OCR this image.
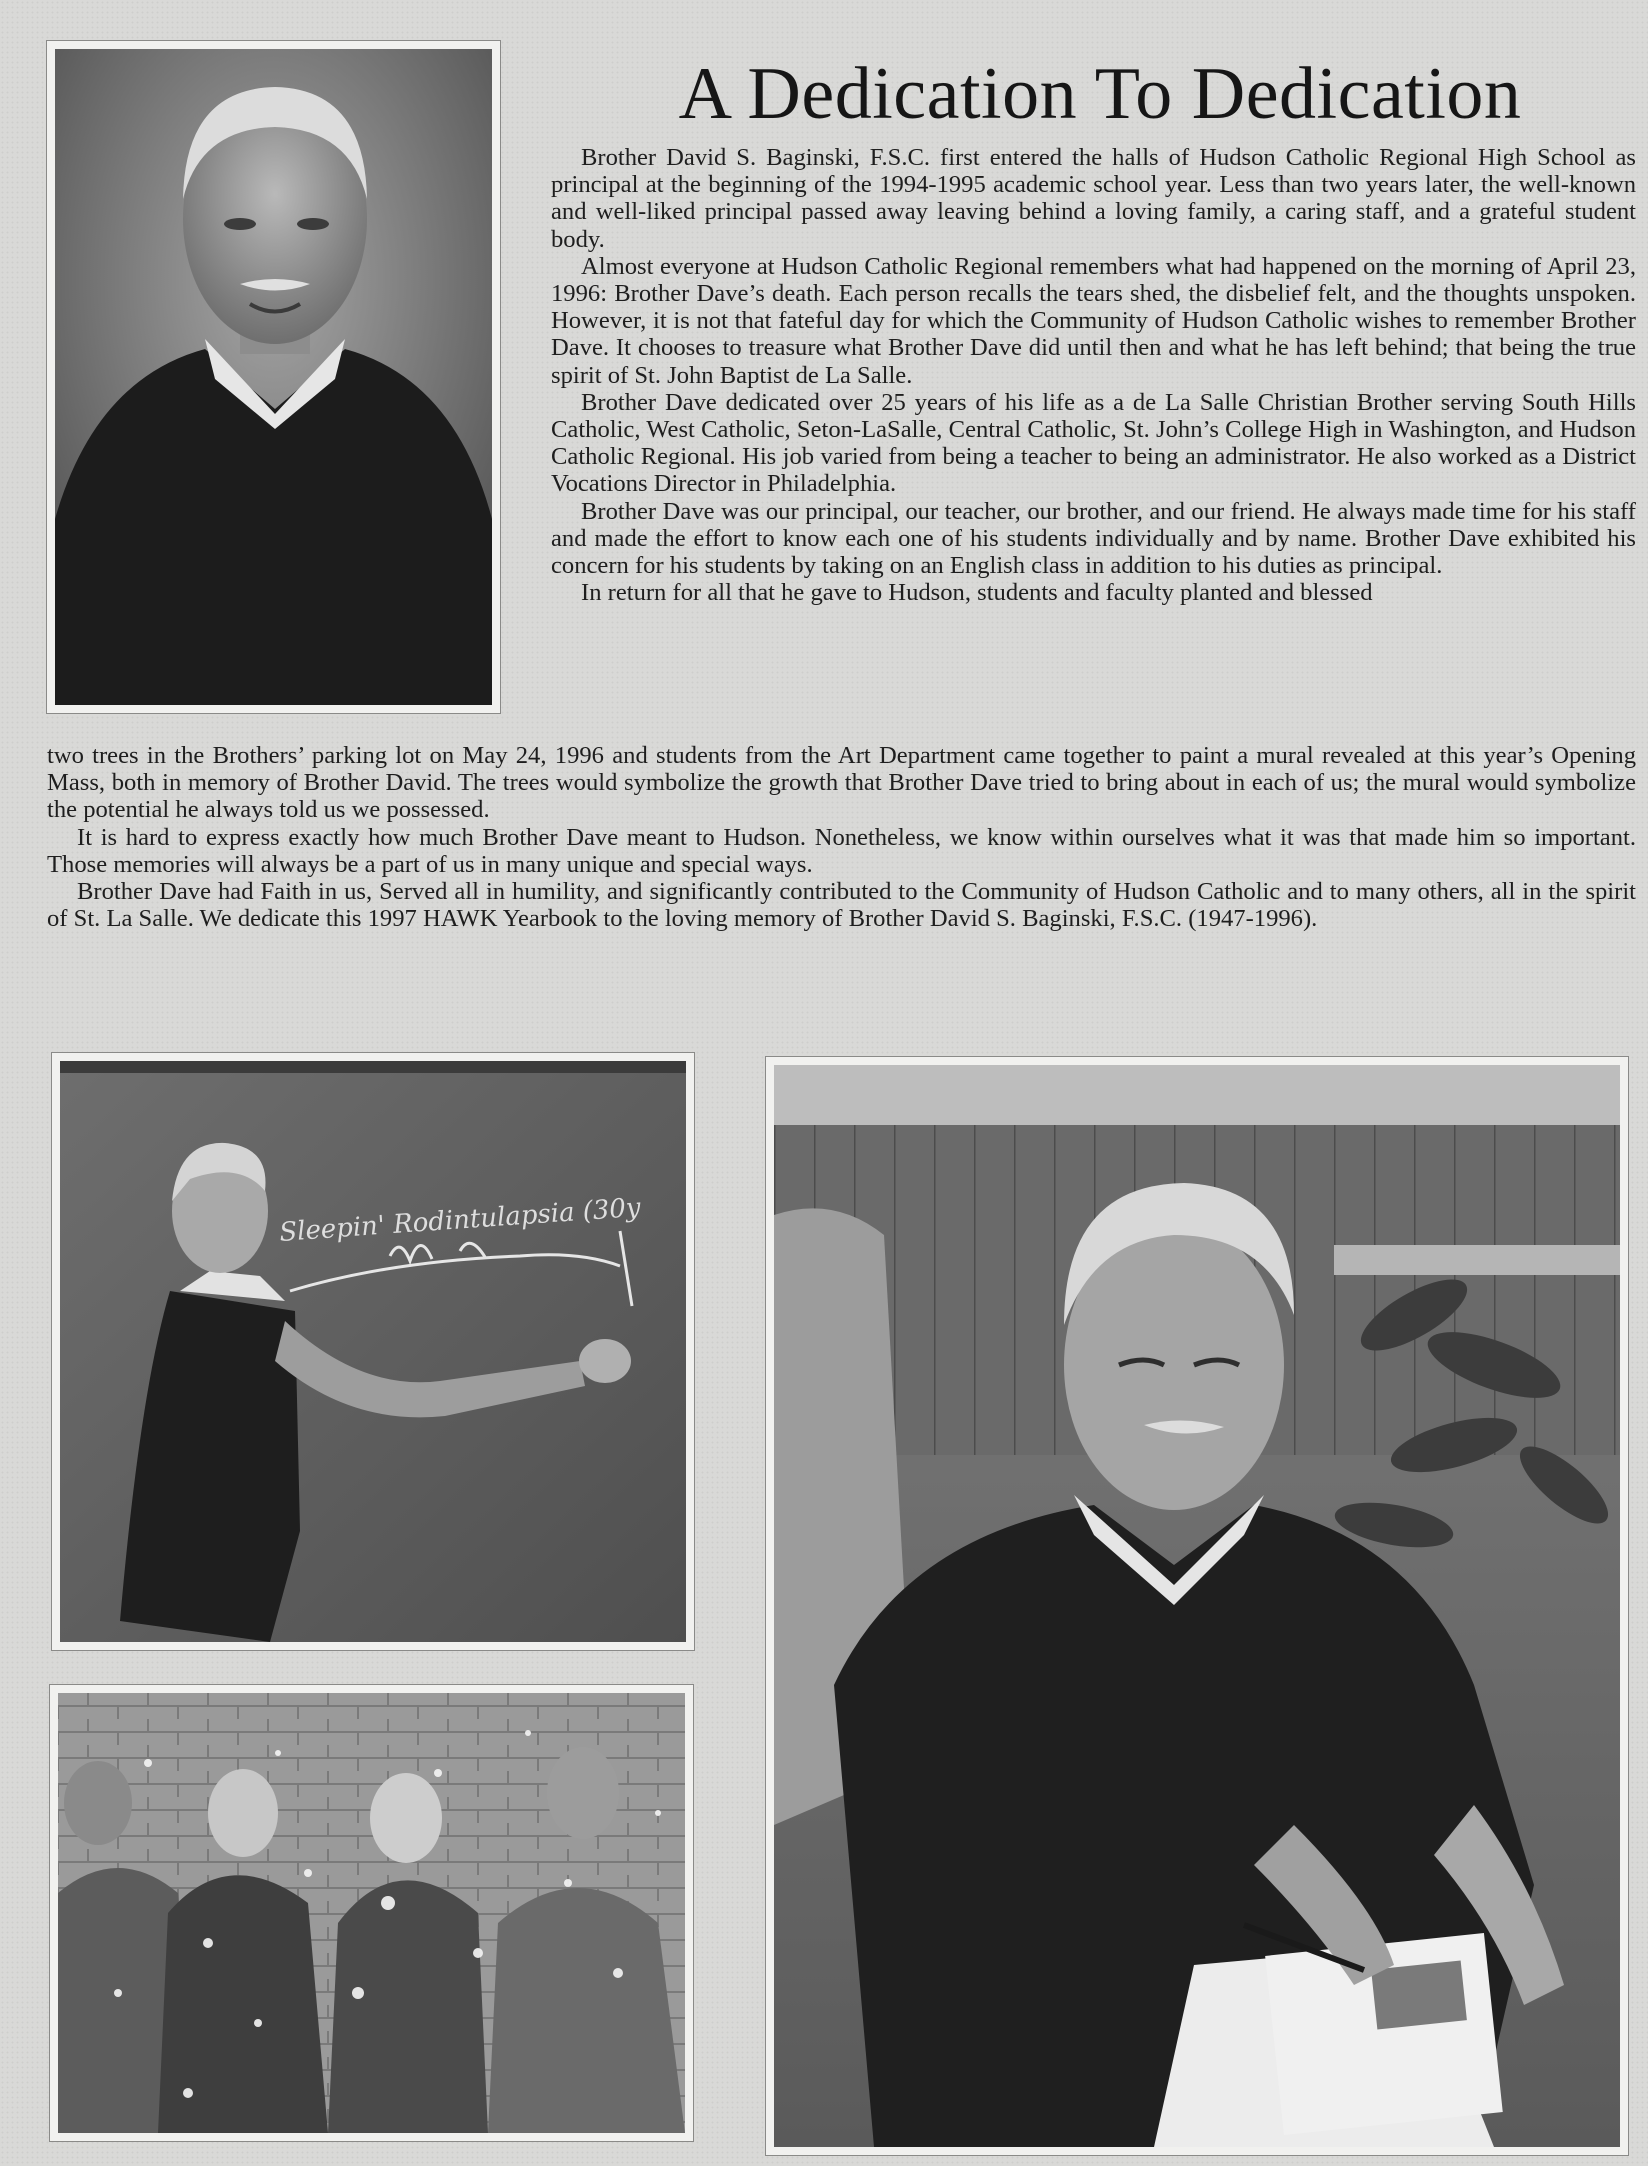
A Dedication To Dedication

Brother David S. Baginski, F.S.C. first entered the halls of Hudson Catholic Regional High School as principal at the beginning of the 1994-1995 academic school year. Less than two years later, the well-known and well-liked principal passed away leaving behind a loving family, a caring staff, and a grateful student body.

Almost everyone at Hudson Catholic Regional remembers what had happened on the morning of April 23, 1996: Brother Dave’s death. Each person recalls the tears shed, the disbelief felt, and the thoughts unspoken. However, it is not that fateful day for which the Community of Hudson Catholic wishes to remember Brother Dave. It chooses to treasure what Brother Dave did until then and what he has left behind; that being the true spirit of St. John Baptist de La Salle.

Brother Dave dedicated over 25 years of his life as a de La Salle Christian Brother serving South Hills Catholic, West Catholic, Seton-LaSalle, Central Catholic, St. John’s College High in Washington, and Hudson Catholic Regional. His job varied from being a teacher to being an administrator. He also worked as a District Vocations Director in Philadelphia.

Brother Dave was our principal, our teacher, our brother, and our friend. He always made time for his staff and made the effort to know each one of his students individually and by name. Brother Dave exhibited his concern for his students by taking on an English class in addition to his duties as principal.

In return for all that he gave to Hudson, students and faculty planted and blessed

two trees in the Brothers’ parking lot on May 24, 1996 and students from the Art Department came together to paint a mural revealed at this year’s Opening Mass, both in memory of Brother David. The trees would symbolize the growth that Brother Dave tried to bring about in each of us; the mural would symbolize the potential he always told us we possessed.

It is hard to express exactly how much Brother Dave meant to Hudson. Nonetheless, we know within ourselves what it was that made him so important. Those memories will always be a part of us in many unique and special ways.

Brother Dave had Faith in us, Served all in humility, and significantly contributed to the Community of Hudson Catholic and to many others, all in the spirit of St. La Salle. We dedicate this 1997 HAWK Yearbook to the loving memory of Brother David S. Baginski, F.S.C. (1947-1996).

Sleepin' Rodintulapsia (30y
